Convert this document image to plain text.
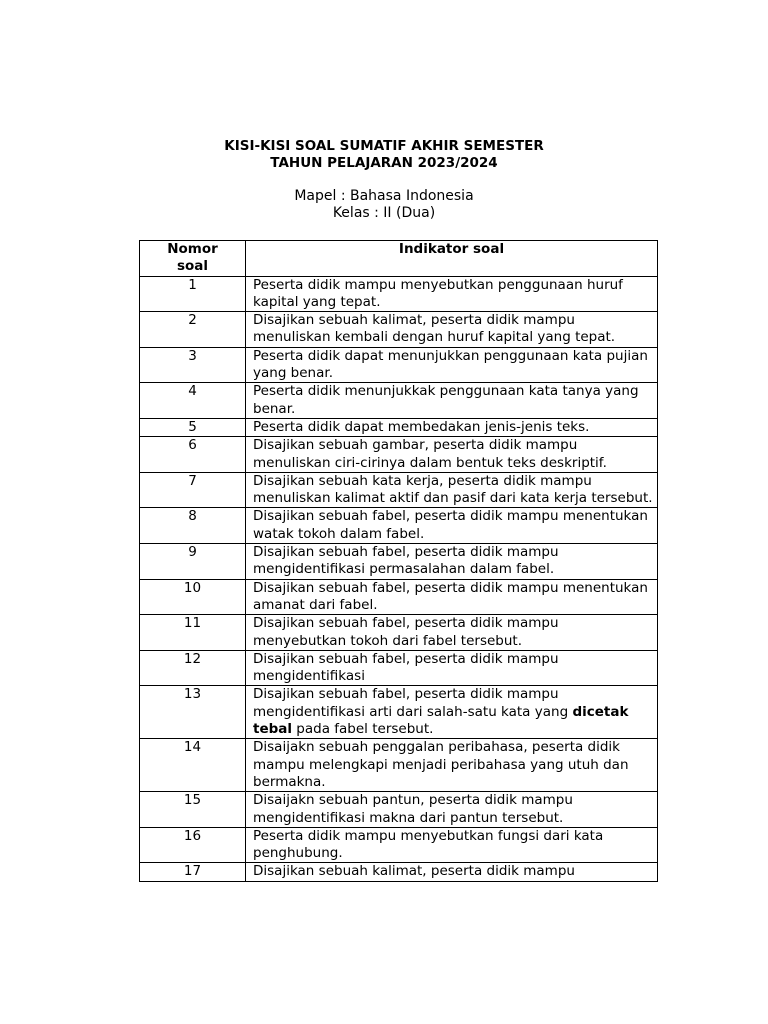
KISI-KISI SOAL SUMATIF AKHIR SEMESTER

TAHUN PELAJARAN 2023/2024

Mapel : Bahasa Indonesia

Kelas : II (Dua)

Nomor
soal	Indikator soal
1	Peserta didik mampu menyebutkan penggunaan huruf kapital yang tepat.
2	Disajikan sebuah kalimat, peserta didik mampu menuliskan kembali dengan huruf kapital yang tepat.
3	Peserta didik dapat menunjukkan penggunaan kata pujian yang benar.
4	Peserta didik menunjukkak penggunaan kata tanya yang benar.
5	Peserta didik dapat membedakan jenis-jenis teks.
6	Disajikan sebuah gambar, peserta didik mampu menuliskan ciri-cirinya dalam bentuk teks deskriptif.
7	Disajikan sebuah kata kerja, peserta didik mampu menuliskan kalimat aktif dan pasif dari kata kerja tersebut.
8	Disajikan sebuah fabel, peserta didik mampu menentukan watak tokoh dalam fabel.
9	Disajikan sebuah fabel, peserta didik mampu mengidentifikasi permasalahan dalam fabel.
10	Disajikan sebuah fabel, peserta didik mampu menentukan amanat dari fabel.
11	Disajikan sebuah fabel, peserta didik mampu menyebutkan tokoh dari fabel tersebut.
12	Disajikan sebuah fabel, peserta didik mampu mengidentifikasi
13	Disajikan sebuah fabel, peserta didik mampu mengidentifikasi arti dari salah-satu kata yang dicetak tebal pada fabel tersebut.
14	Disaijakn sebuah penggalan peribahasa, peserta didik mampu melengkapi menjadi peribahasa yang utuh dan bermakna.
15	Disaijakn sebuah pantun, peserta didik mampu mengidentifikasi makna dari pantun tersebut.
16	Peserta didik mampu menyebutkan fungsi dari kata penghubung.
17	Disajikan sebuah kalimat, peserta didik mampu
